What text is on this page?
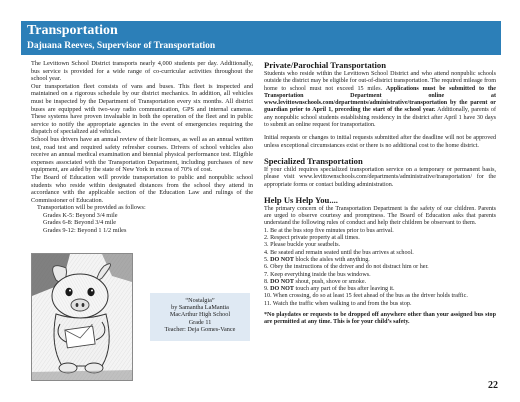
Transportation
Dajuana Reeves, Supervisor of Transportation

The Levittown School District transports nearly 4,000 students per day. Additionally, bus service is provided for a wide range of co-curricular activities throughout the school year.

Our transportation fleet consists of vans and buses. This fleet is inspected and maintained on a rigorous schedule by our district mechanics. In addition, all vehicles must be inspected by the Department of Transportation every six months. All district buses are equipped with two-way radio communication, GPS and internal cameras. These systems have proven invaluable in both the operation of the fleet and in public service to notify the appropriate agencies in the event of emergencies requiring the dispatch of specialized aid vehicles.

School bus drivers have an annual review of their licenses, as well as an annual written test, road test and required safety refresher courses. Drivers of school vehicles also receive an annual medical examination and biennial physical performance test. Eligible expenses associated with the Transportation Department, including purchases of new equipment, are aided by the state of New York in excess of 70% of cost.

The Board of Education will provide transportation to public and nonpublic school students who reside within designated distances from the school they attend in accordance with the applicable section of the Education Law and rulings of the Commissioner of Education.

Transportation will be provided as follows:

Grades K-5: Beyond 3/4 mile

Grades 6-8: Beyond 3/4 mile

Grades 9-12: Beyond 1 1/2 miles

“Nostalgia”
by Samantha LaMantia
MacArthur High School
Grade 11
Teacher: Deja Gomes-Vance
Private/Parochial Transportation

Students who reside within the Levittown School District and who attend nonpublic schools outside the district may be eligible for out-of-district transportation. The required mileage from home to school must not exceed 15 miles. Applications must be submitted to the Transportation Department online at www.levittownschools.com/departments/administrative/transportation by the parent or guardian prior to April 1, preceding the start of the school year. Additionally, parents of any nonpublic school students establishing residency in the district after April 1 have 30 days to submit an online request for transportation.

Initial requests or changes to initial requests submitted after the deadline will not be approved unless exceptional circumstances exist or there is no additional cost to the home district.

Specialized Transportation

If your child requires specialized transportation service on a temporary or permanent basis, please visit www.levittownschools.com/departments/administrative/transportation/ for the appropriate forms or contact building administration.

Help Us Help You....

The primary concern of the Transportation Department is the safety of our children. Parents are urged to observe courtesy and promptness. The Board of Education asks that parents understand the following rules of conduct and help their children be observant to them.

1. Be at the bus stop five minutes prior to bus arrival.
2. Respect private property at all times.
3. Please buckle your seatbelts.
4. Be seated and remain seated until the bus arrives at school.
5. DO NOT block the aisles with anything.
6. Obey the instructions of the driver and do not distract him or her.
7. Keep everything inside the bus windows.
8. DO NOT shout, push, shove or smoke.
9. DO NOT touch any part of the bus after leaving it.
10. When crossing, do so at least 15 feet ahead of the bus as the driver holds traffic.
11. Watch the traffic when walking to and from the bus stop.

*No playdates or requests to be dropped off anywhere other than your assigned bus stop are permitted at any time. This is for your child’s safety.

22
